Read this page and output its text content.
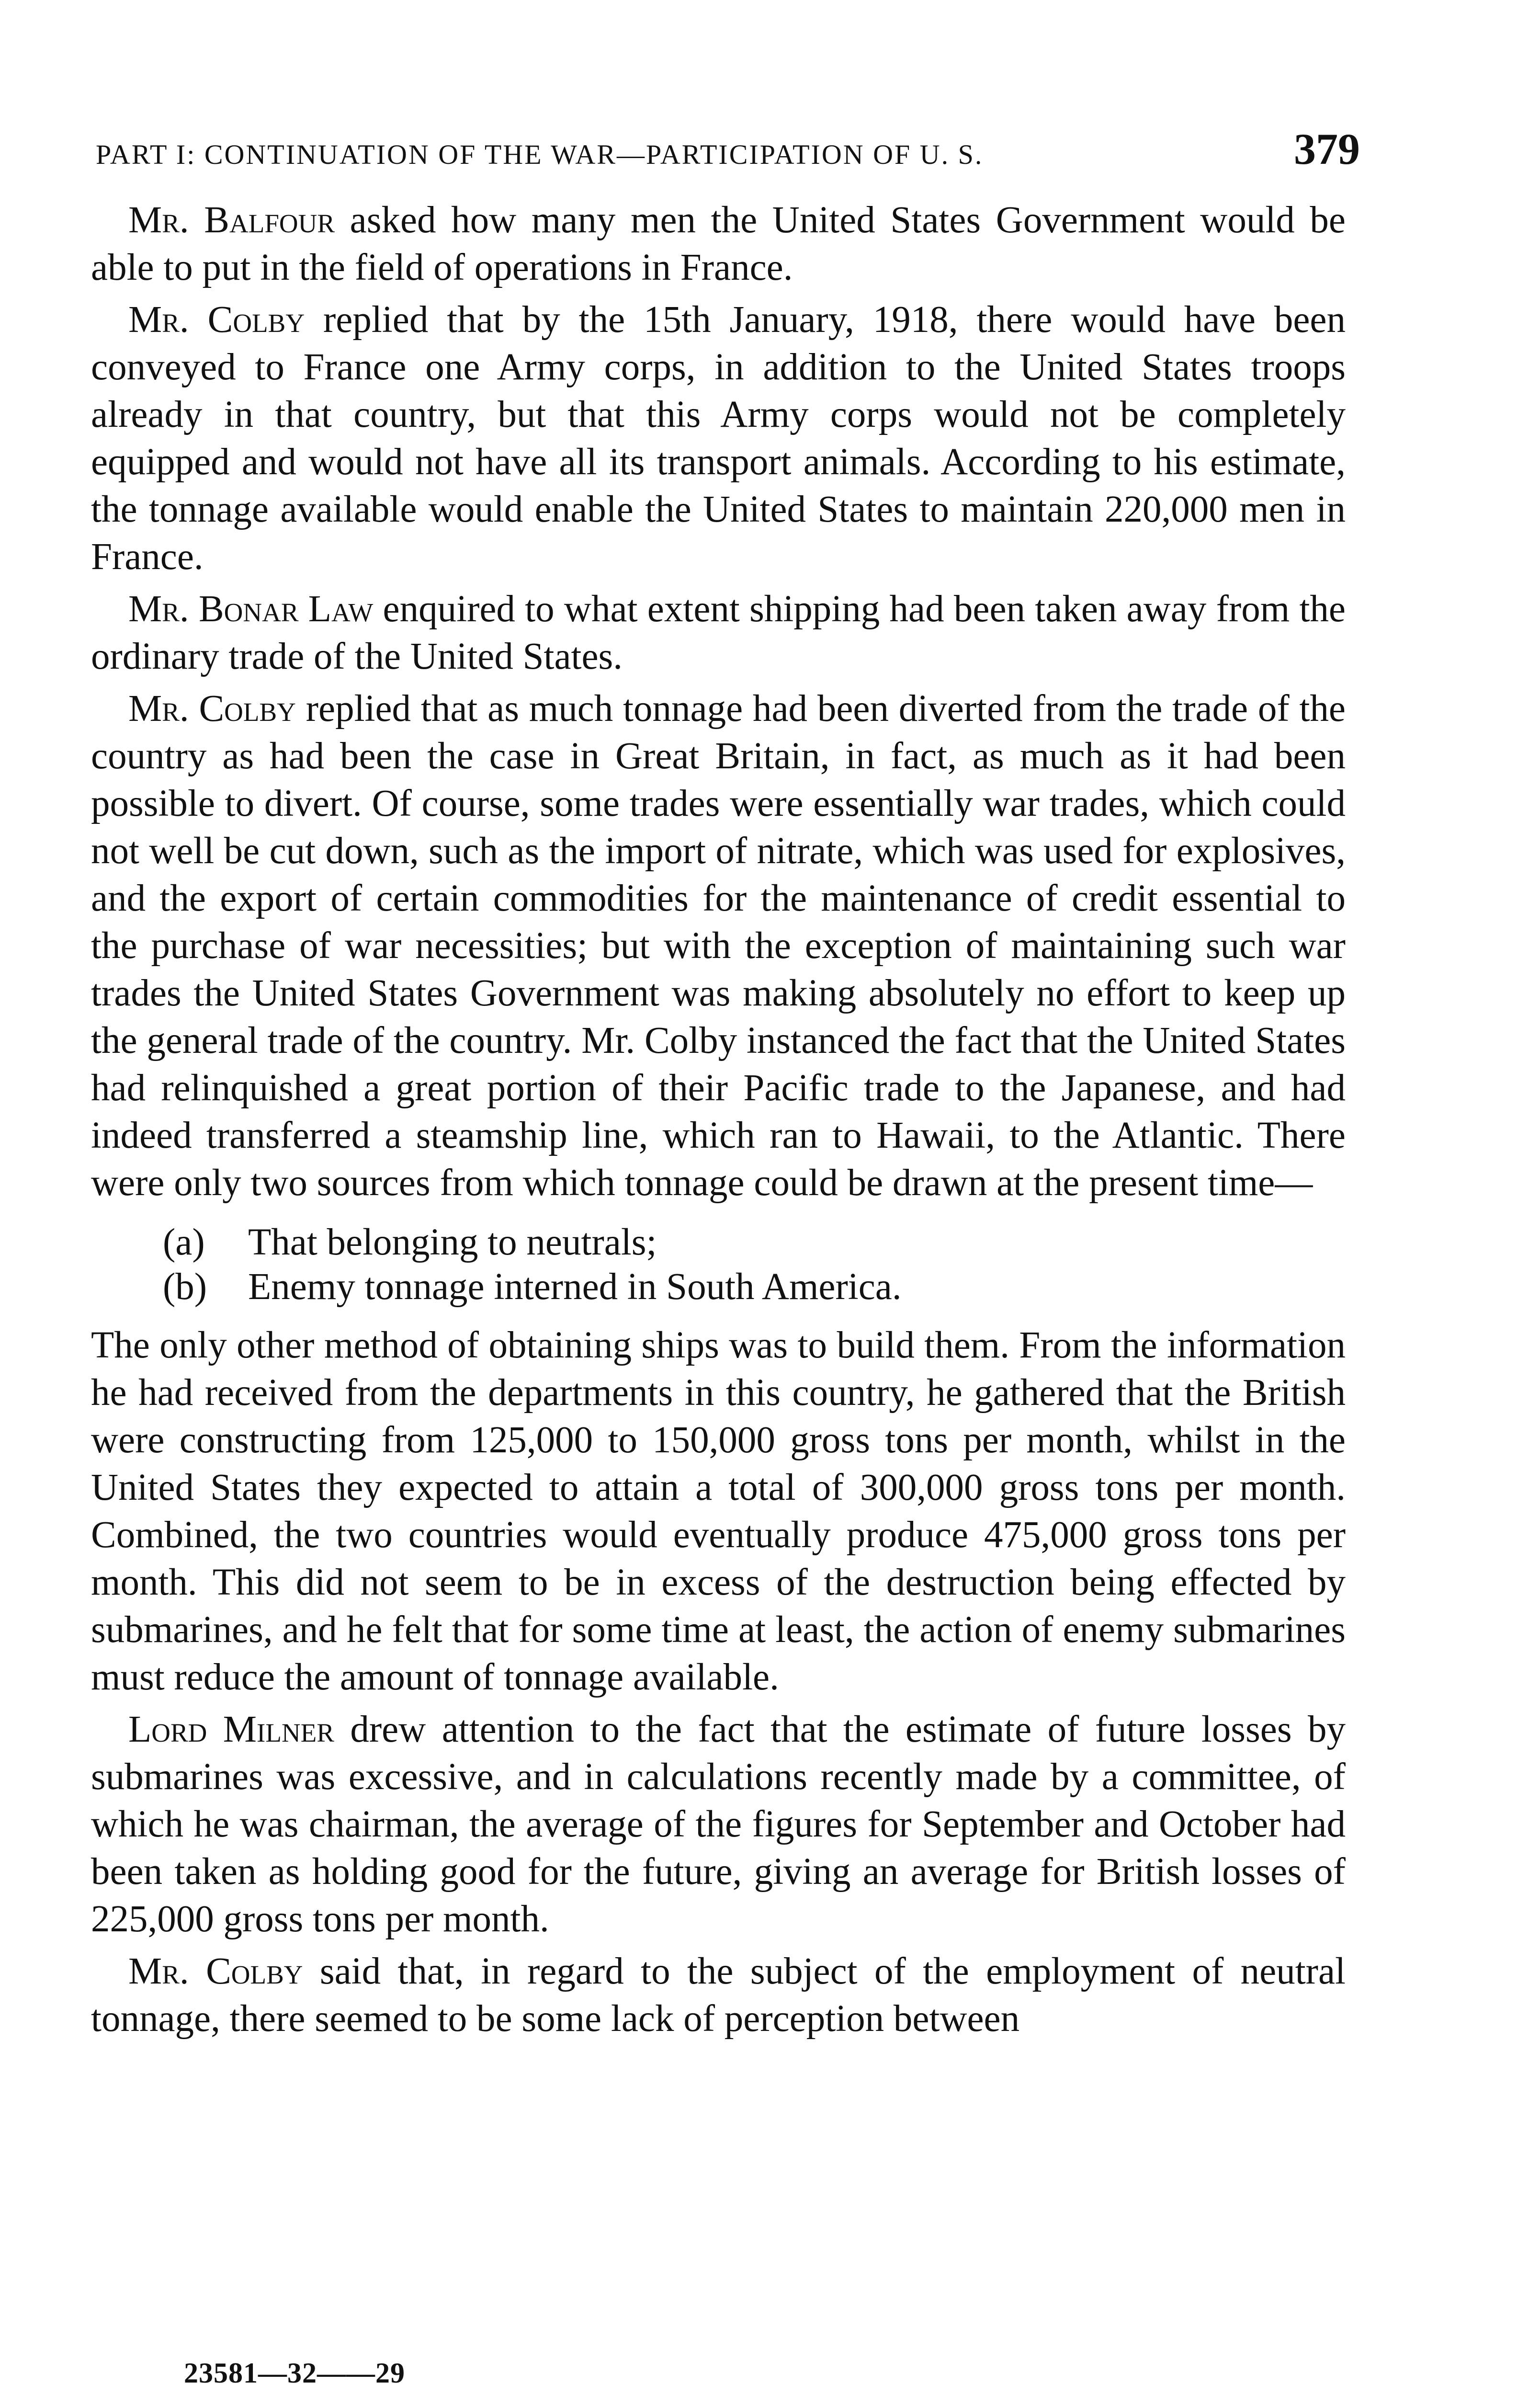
PART I: CONTINUATION OF THE WAR—PARTICIPATION OF U. S.	379

Mr. Balfour asked how many men the United States Government would be able to put in the field of operations in France.

Mr. Colby replied that by the 15th January, 1918, there would have been conveyed to France one Army corps, in addition to the United States troops already in that country, but that this Army corps would not be completely equipped and would not have all its transport animals. According to his estimate, the tonnage available would enable the United States to maintain 220,000 men in France.

Mr. Bonar Law enquired to what extent shipping had been taken away from the ordinary trade of the United States.

Mr. Colby replied that as much tonnage had been diverted from the trade of the country as had been the case in Great Britain, in fact, as much as it had been possible to divert. Of course, some trades were essentially war trades, which could not well be cut down, such as the import of nitrate, which was used for explosives, and the export of certain commodities for the maintenance of credit essential to the purchase of war necessities; but with the exception of maintaining such war trades the United States Government was making absolutely no effort to keep up the general trade of the country. Mr. Colby instanced the fact that the United States had relinquished a great portion of their Pacific trade to the Japanese, and had indeed transferred a steamship line, which ran to Hawaii, to the Atlantic. There were only two sources from which tonnage could be drawn at the present time—

(a)	That belonging to neutrals;
(b)	Enemy tonnage interned in South America.

The only other method of obtaining ships was to build them. From the information he had received from the departments in this country, he gathered that the British were constructing from 125,000 to 150,000 gross tons per month, whilst in the United States they expected to attain a total of 300,000 gross tons per month. Combined, the two countries would eventually produce 475,000 gross tons per month. This did not seem to be in excess of the destruction being effected by submarines, and he felt that for some time at least, the action of enemy submarines must reduce the amount of tonnage available.

Lord Milner drew attention to the fact that the estimate of future losses by submarines was excessive, and in calculations recently made by a committee, of which he was chairman, the average of the figures for September and October had been taken as holding good for the future, giving an average for British losses of 225,000 gross tons per month.

Mr. Colby said that, in regard to the subject of the employment of neutral tonnage, there seemed to be some lack of perception between

23581—32——29
